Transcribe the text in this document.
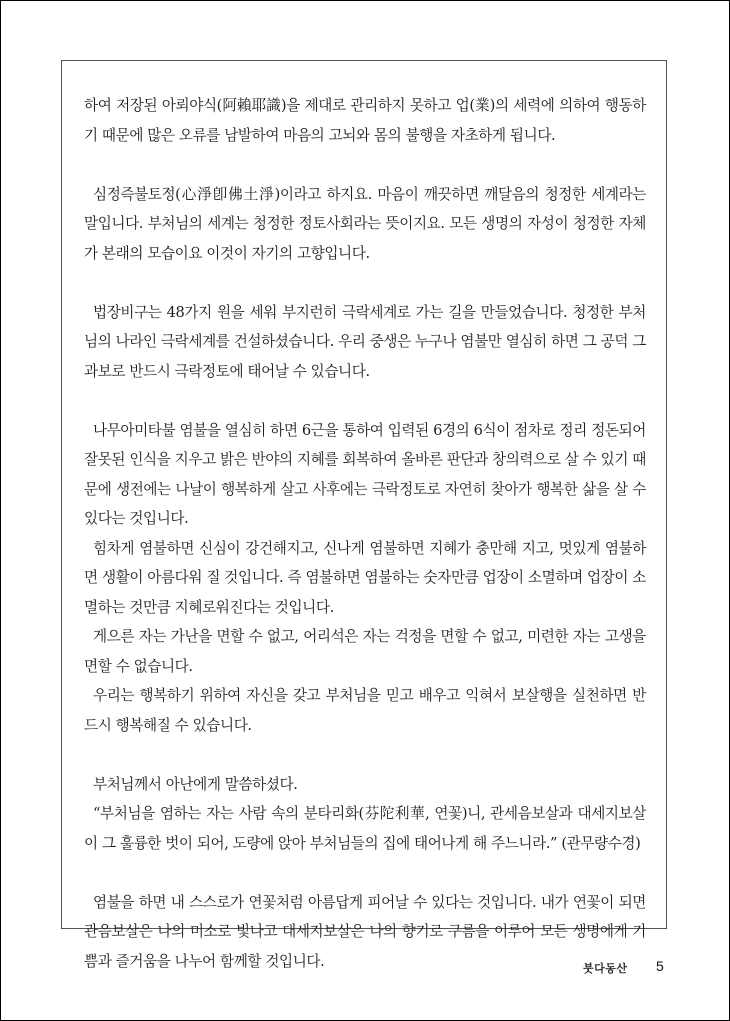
하여 저장된 아뢰야식(阿賴耶識)을 제대로 관리하지 못하고 업(業)의 세력에 의하여 행동하기 때문에 많은 오류를 남발하여 마음의 고뇌와 몸의 불행을 자초하게 됩니다.

심정즉불토정(心淨卽佛土淨)이라고 하지요. 마음이 깨끗하면 깨달음의 청정한 세계라는 말입니다. 부처님의 세계는 청정한 정토사회라는 뜻이지요. 모든 생명의 자성이 청정한 자체가 본래의 모습이요 이것이 자기의 고향입니다.

법장비구는 48가지 원을 세워 부지런히 극락세계로 가는 길을 만들었습니다. 청정한 부처님의 나라인 극락세계를 건설하셨습니다. 우리 중생은 누구나 염불만 열심히 하면 그 공덕 그 과보로 반드시 극락정토에 태어날 수 있습니다.

나무아미타불 염불을 열심히 하면 6근을 통하여 입력된 6경의 6식이 점차로 정리 정돈되어 잘못된 인식을 지우고 밝은 반야의 지혜를 회복하여 올바른 판단과 창의력으로 살 수 있기 때문에 생전에는 나날이 행복하게 살고 사후에는 극락정토로 자연히 찾아가 행복한 삶을 살 수 있다는 것입니다.

힘차게 염불하면 신심이 강건해지고, 신나게 염불하면 지혜가 충만해 지고, 멋있게 염불하면 생활이 아름다워 질 것입니다. 즉 염불하면 염불하는 숫자만큼 업장이 소멸하며 업장이 소멸하는 것만큼 지혜로워진다는 것입니다.

게으른 자는 가난을 면할 수 없고, 어리석은 자는 걱정을 면할 수 없고, 미련한 자는 고생을 면할 수 없습니다.

우리는 행복하기 위하여 자신을 갖고 부처님을 믿고 배우고 익혀서 보살행을 실천하면 반드시 행복해질 수 있습니다.

부처님께서 아난에게 말씀하셨다.

“부처님을 염하는 자는 사람 속의 분타리화(芬陀利華, 연꽃)니, 관세음보살과 대세지보살이 그 훌륭한 벗이 되어, 도량에 앉아 부처님들의 집에 태어나게 해 주느니라.” (관무량수경)

염불을 하면 내 스스로가 연꽃처럼 아름답게 피어날 수 있다는 것입니다. 내가 연꽃이 되면 관음보살은 나의 미소로 빛나고 대세지보살은 나의 향기로 구름을 이루어 모든 생명에게 기쁨과 즐거움을 나누어 함께할 것입니다.	붓다동산 5
